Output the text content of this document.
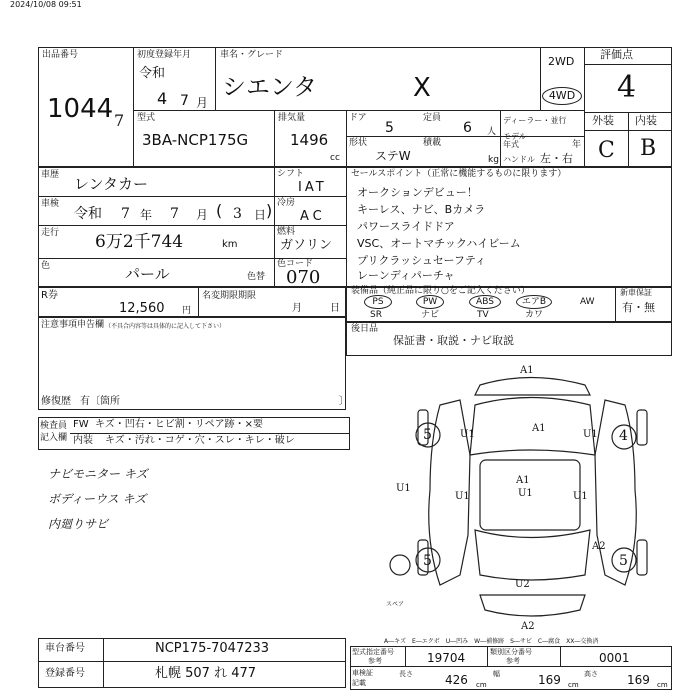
2024/10/08 09:51
出品番号
1044 7
初度登録年月
令和
4 7 月
車名・グレード
シエンタ	X
2WD
4WD
評価点
4
外装 内装
C B
型式
3BA-NCP175G
排気量
1496
cc
ドア
5
定員
6 人
ディーラー・並行
形状
ステW
積載
kg
モデル
年式	年
ハンドル 左・右
車歴 レンタカー
車検
令和 7 年 7 月 ( 3 日 )
走行 6万2千744	km
シフト
IAT
冷房
AC
燃料
ガソリン
セールスポイント（正常に機能するものに限ります）
オークションデビュー！
キーレス、ナビ、Bカメラ
パワースライドドア
VSC、オートマチックハイビーム
プリクラッシュセーフティ
レーンディパーチャ
色	パール	色替
色コード
070
R券
12,560 円
名変期限期限
月	日
装備品（純正品に限り○をご記入ください）
PS	PW	ABS	エアB	AW
SR	ナビ	TV	カワ
新車保証
有・無
注意事項申告欄 （不具合内容等は具体的に記入して下さい）
修復歴 有〔箇所	〕
後日品
保証書・取説・ナビ取説
検査員
記入欄
FW キズ・凹右・ヒビ割・リペア跡・×要
内装 キズ・汚れ・コゲ・穴・スレ・キレ・破レ
ナビモニター キズ
ボディーウス キズ
内廻りサビ
A1
A1
U1	U1
U1
A1
U1
U1
A2
A2
U2
U1
5	4
5	5
スペア
A―キズ　E―エクボ　U―凹み　W―補修跡　S―サビ　C―腐食　XX―交換済
車台番号	NCP175-7047233
登録番号	札幌 507 れ 477
型式指定番号
参考	19704	類別区分番号
参考	0001
車検証
記載
長さ	426 cm
幅	169 cm
高さ 169 cm
